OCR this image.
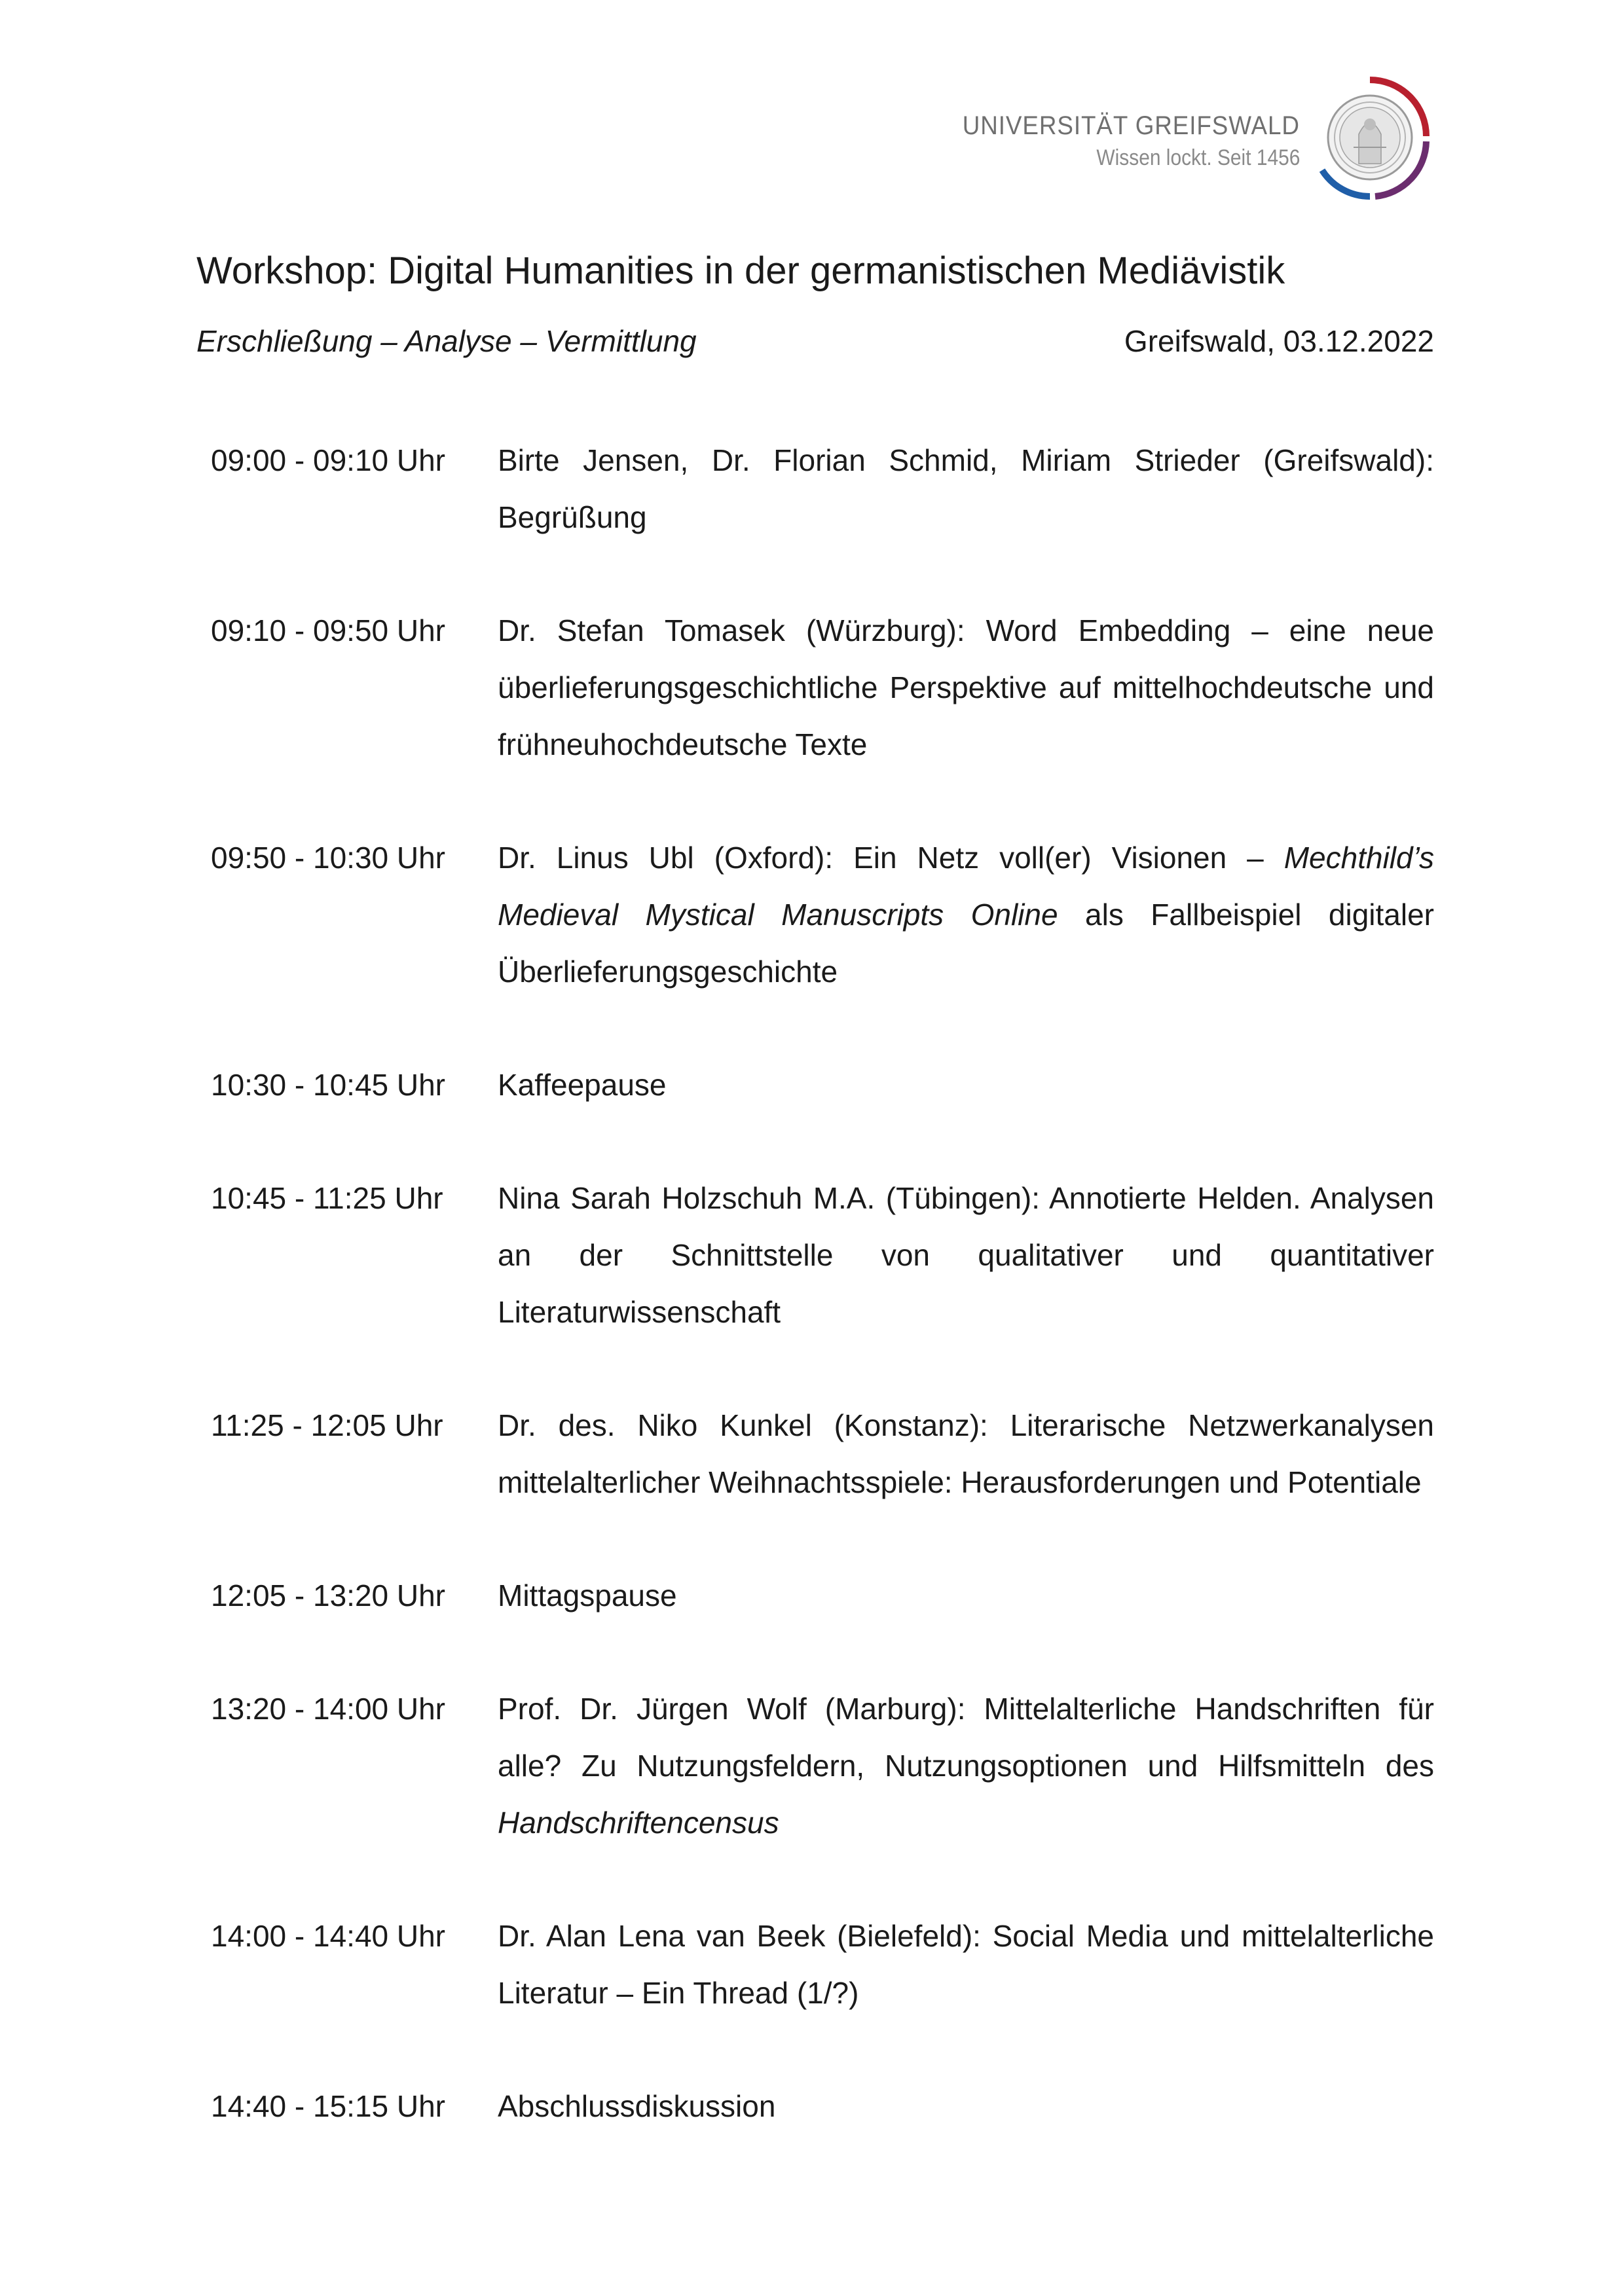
UNIVERSITÄT GREIFSWALD
Wissen lockt. Seit 1456
Workshop: Digital Humanities in der germanistischen Mediävistik
Erschließung – Analyse – Vermittlung	Greifswald, 03.12.2022
09:00 - 09:10 Uhr	Birte Jensen, Dr. Florian Schmid, Miriam Strieder (Greifswald): Begrüßung
09:10 - 09:50 Uhr	Dr. Stefan Tomasek (Würzburg): Word Embedding – eine neue überlieferungsgeschichtliche Perspektive auf mittelhochdeutsche und frühneuhochdeutsche Texte
09:50 - 10:30 Uhr	Dr. Linus Ubl (Oxford): Ein Netz voll(er) Visionen – Mechthild’s Medieval Mystical Manuscripts Online als Fallbeispiel digitaler Überlieferungsgeschichte
10:30 - 10:45 Uhr	Kaffeepause
10:45 - 11:25 Uhr	Nina Sarah Holzschuh M.A. (Tübingen): Annotierte Helden. Analysen an der Schnittstelle von qualitativer und quantitativer Literaturwissenschaft
11:25 - 12:05 Uhr	Dr. des. Niko Kunkel (Konstanz): Literarische Netzwerkanalysen mittelalterlicher Weihnachtsspiele: Herausforderungen und Potentiale
12:05 - 13:20 Uhr	Mittagspause
13:20 - 14:00 Uhr	Prof. Dr. Jürgen Wolf (Marburg): Mittelalterliche Handschriften für alle? Zu Nutzungsfeldern, Nutzungsoptionen und Hilfsmitteln des Handschriftencensus
14:00 - 14:40 Uhr	Dr. Alan Lena van Beek (Bielefeld): Social Media und mittelalterliche Literatur – Ein Thread (1/?)
14:40 - 15:15 Uhr	Abschlussdiskussion
